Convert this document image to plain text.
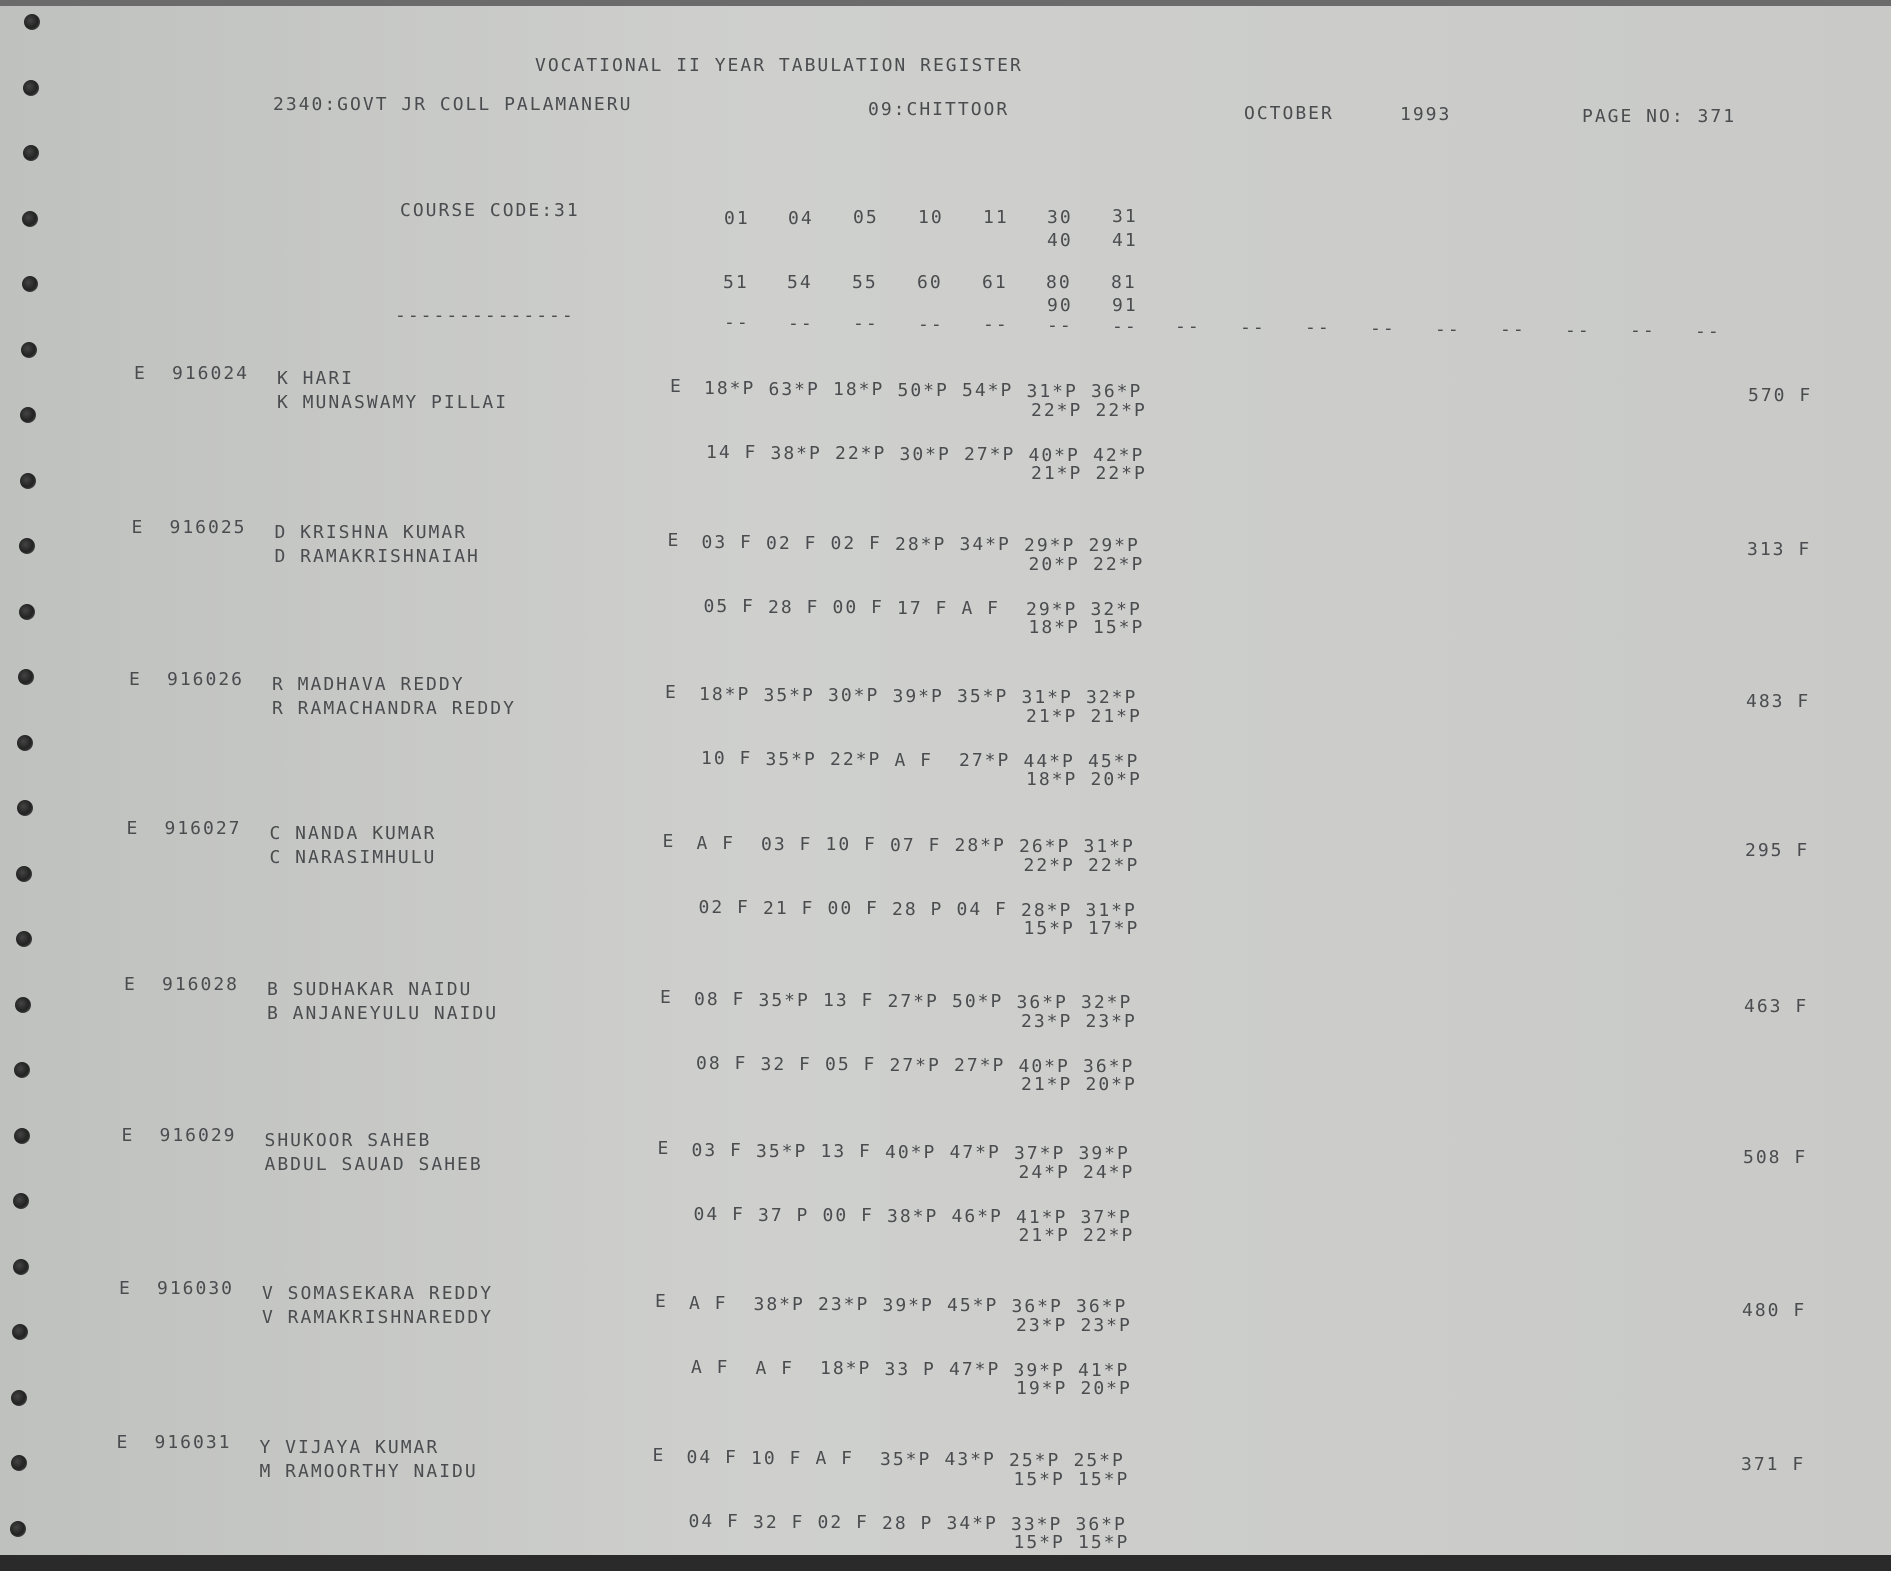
VOCATIONAL II YEAR TABULATION REGISTER
2340:GOVT JR COLL PALAMANERU	09:CHITTOOR	OCTOBER	1993	PAGE NO: 371
COURSE CODE:31
--------------
01 04 05 10 11 30 31
40 41
51 54 55 60 61 80 81
90 91
-- -- -- -- -- -- -- -- -- -- -- -- -- -- -- --
E 916024 K HARI
K MUNASWAMY PILLAI
E 18*P 63*P 18*P 50*P 54*P 31*P 36*P
22*P 22*P
14 F 38*P 22*P 30*P 27*P 40*P 42*P
21*P 22*P
570 F
E 916025 D KRISHNA KUMAR
D RAMAKRISHNAIAH
E 03 F 02 F 02 F 28*P 34*P 29*P 29*P
20*P 22*P
05 F 28 F 00 F 17 F A F 29*P 32*P
18*P 15*P
313 F
E 916026 R MADHAVA REDDY
R RAMACHANDRA REDDY
E 18*P 35*P 30*P 39*P 35*P 31*P 32*P
21*P 21*P
10 F 35*P 22*P A F 27*P 44*P 45*P
18*P 20*P
483 F
E 916027 C NANDA KUMAR
C NARASIMHULU
E A F 03 F 10 F 07 F 28*P 26*P 31*P
22*P 22*P
02 F 21 F 00 F 28 P 04 F 28*P 31*P
15*P 17*P
295 F
E 916028 B SUDHAKAR NAIDU
B ANJANEYULU NAIDU
E 08 F 35*P 13 F 27*P 50*P 36*P 32*P
23*P 23*P
08 F 32 F 05 F 27*P 27*P 40*P 36*P
21*P 20*P
463 F
E 916029 SHUKOOR SAHEB
ABDUL SAUAD SAHEB
E 03 F 35*P 13 F 40*P 47*P 37*P 39*P
24*P 24*P
04 F 37 P 00 F 38*P 46*P 41*P 37*P
21*P 22*P
508 F
E 916030 V SOMASEKARA REDDY
V RAMAKRISHNAREDDY
E A F 38*P 23*P 39*P 45*P 36*P 36*P
23*P 23*P
A F A F 18*P 33 P 47*P 39*P 41*P
19*P 20*P
480 F
E 916031 Y VIJAYA KUMAR
M RAMOORTHY NAIDU
E 04 F 10 F A F 35*P 43*P 25*P 25*P
15*P 15*P
04 F 32 F 02 F 28 P 34*P 33*P 36*P
15*P 15*P
371 F
